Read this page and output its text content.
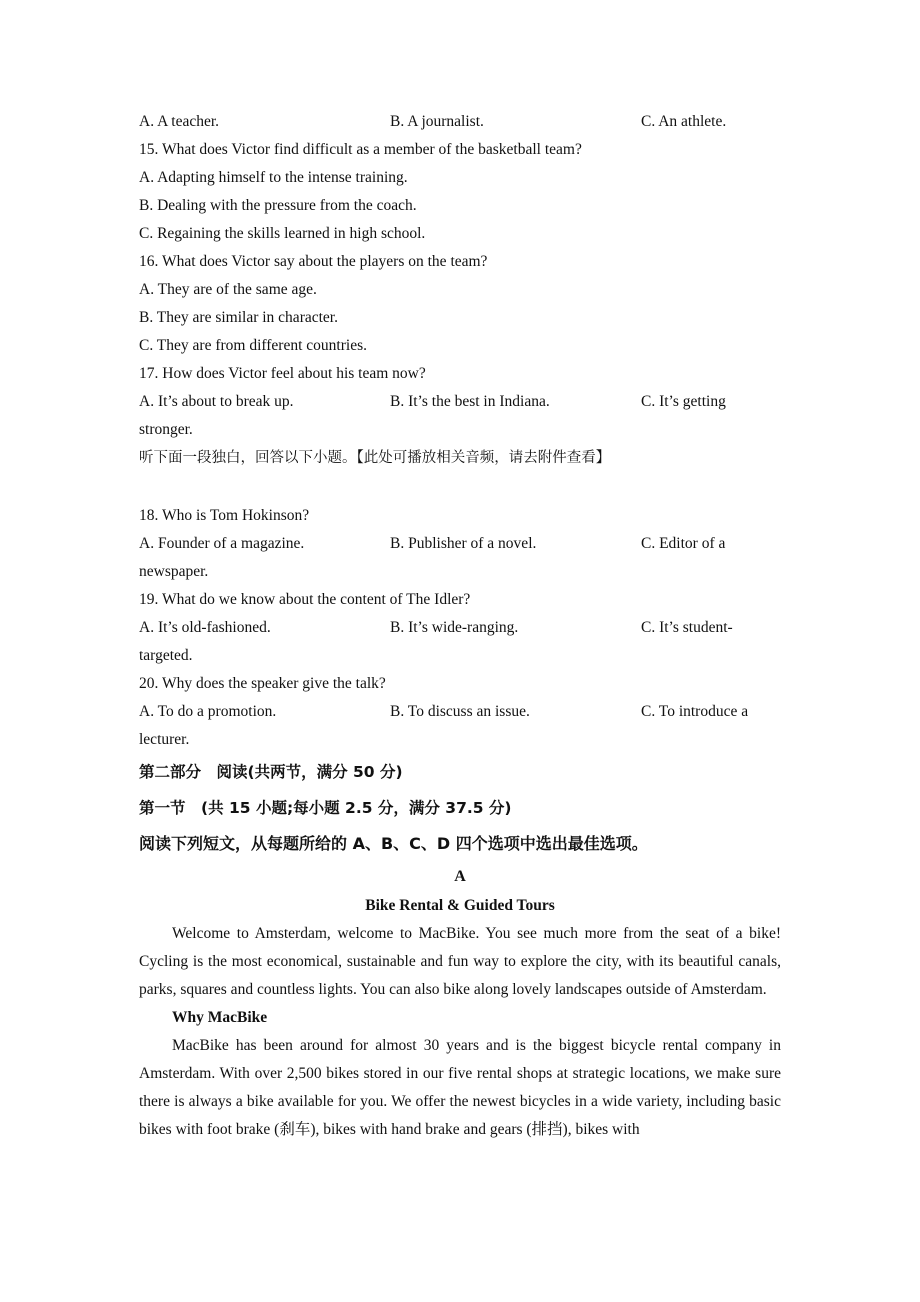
A. A teacher.	B. A journalist.	C. An athlete.
15. What does Victor find difficult as a member of the basketball team?
A. Adapting himself to the intense training.
B. Dealing with the pressure from the coach.
C. Regaining the skills learned in high school.
16. What does Victor say about the players on the team?
A. They are of the same age.
B. They are similar in character.
C. They are from different countries.
17. How does Victor feel about his team now?
A. It’s about to break up.	B. It’s the best in Indiana.	C. It’s getting
stronger.
听下面一段独白，回答以下小题。【此处可播放相关音频，请去附件查看】
18. Who is Tom Hokinson?
A. Founder of a magazine.	B. Publisher of a novel.	C. Editor of a
newspaper.
19. What do we know about the content of The Idler?
A. It’s old-fashioned.	B. It’s wide-ranging.	C. It’s student-
targeted.
20. Why does the speaker give the talk?
A. To do a promotion.	B. To discuss an issue.	C. To introduce a
lecturer.
第二部分　阅读(共两节，满分 50 分)
第一节　(共 15 小题;每小题 2.5 分，满分 37.5 分)
阅读下列短文，从每题所给的 A、B、C、D 四个选项中选出最佳选项。
A
Bike Rental & Guided Tours

Welcome to Amsterdam, welcome to MacBike. You see much more from the seat of a bike! Cycling is the most economical, sustainable and fun way to explore the city, with its beautiful canals, parks, squares and countless lights. You can also bike along lovely landscapes outside of Amsterdam.

Why MacBike

MacBike has been around for almost 30 years and is the biggest bicycle rental company in Amsterdam. With over 2,500 bikes stored in our five rental shops at strategic locations, we make sure there is always a bike available for you. We offer the newest bicycles in a wide variety, including basic bikes with foot brake (刹车), bikes with hand brake and gears (排挡), bikes with
